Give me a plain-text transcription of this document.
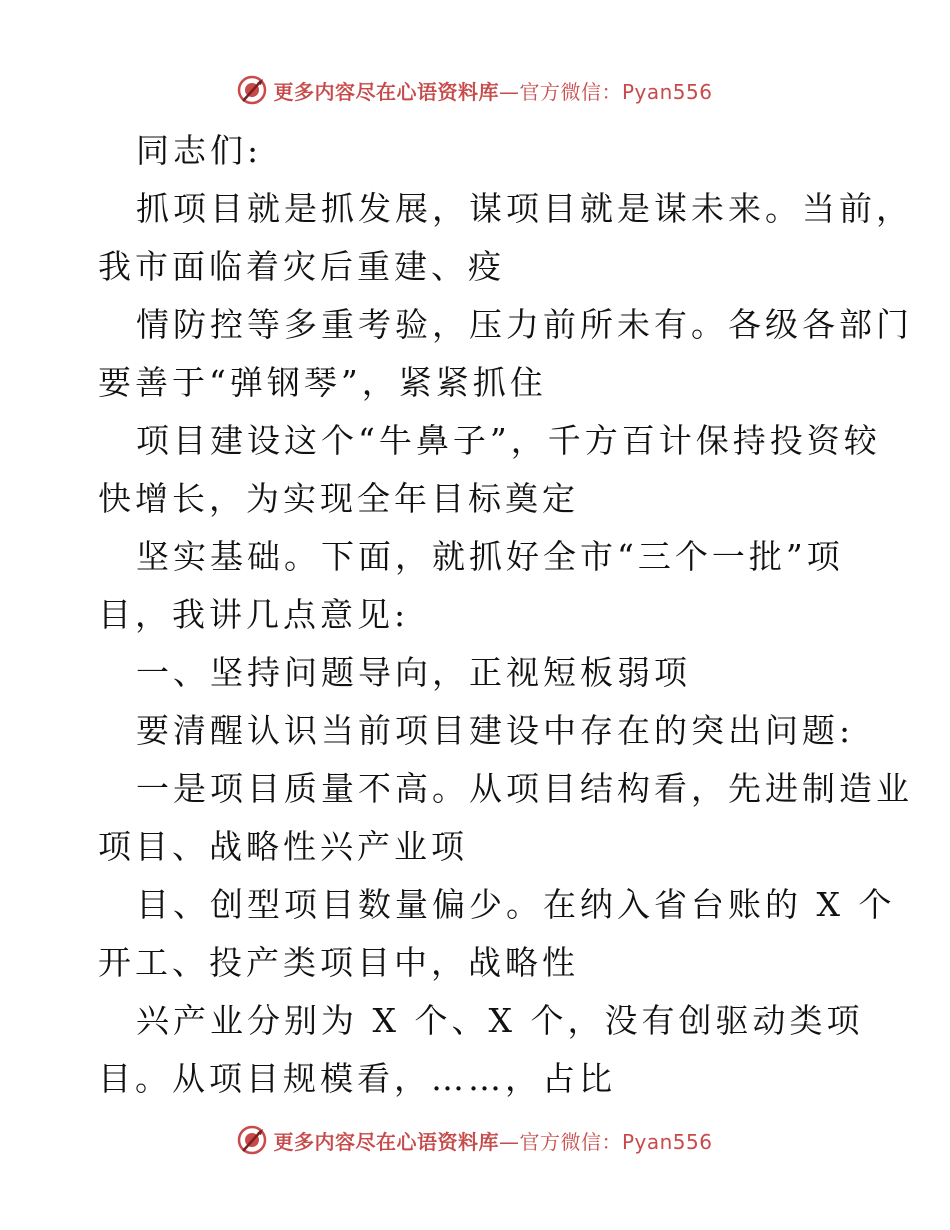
更多内容尽在心语资料库—官方微信：Pyan556
同志们:
抓项目就是抓发展，谋项目就是谋未来。当前，
我市面临着灾后重建、疫
情防控等多重考验，压力前所未有。各级各部门
要善于“弹钢琴”，紧紧抓住
项目建设这个“牛鼻子”，千方百计保持投资较
快增长，为实现全年目标奠定
坚实基础。下面，就抓好全市“三个一批”项
目，我讲几点意见:
一、坚持问题导向，正视短板弱项
要清醒认识当前项目建设中存在的突出问题:
一是项目质量不高。从项目结构看，先进制造业
项目、战略性兴产业项
目、创型项目数量偏少。在纳入省台账的 X 个
开工、投产类项目中，战略性
兴产业分别为 X 个、X 个，没有创驱动类项
目。从项目规模看，……，占比
更多内容尽在心语资料库—官方微信：Pyan556
